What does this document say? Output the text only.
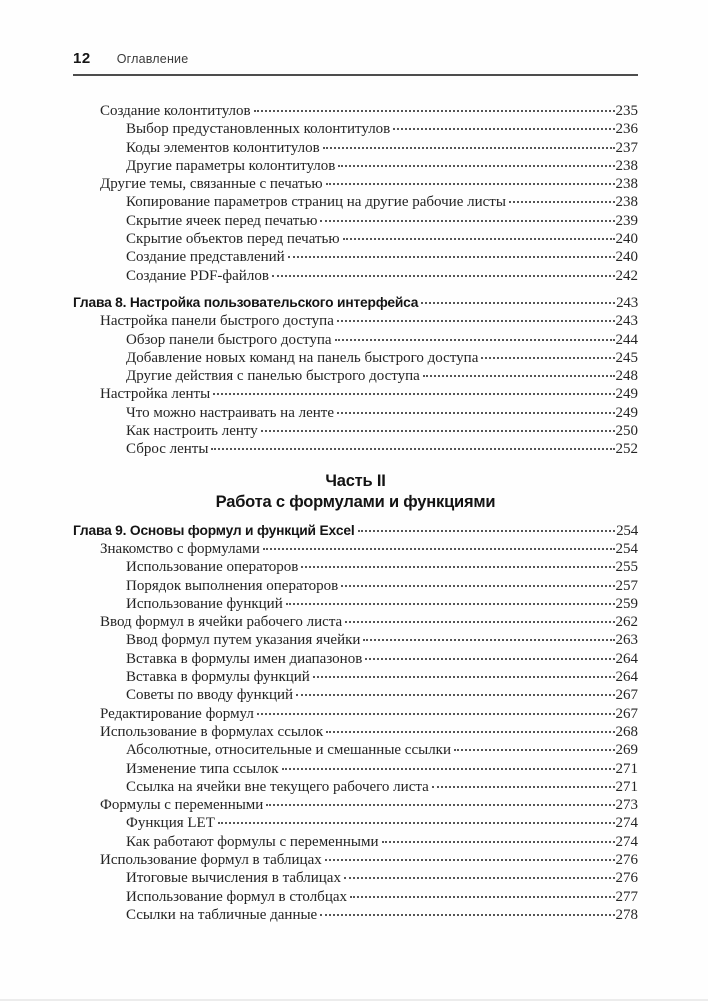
12 Оглавление
Создание колонтитулов	235
Выбор предустановленных колонтитулов	236
Коды элементов колонтитулов	237
Другие параметры колонтитулов	238
Другие темы, связанные с печатью	238
Копирование параметров страниц на другие рабочие листы	238
Скрытие ячеек перед печатью	239
Скрытие объектов перед печатью	240
Создание представлений	240
Создание PDF-файлов	242
Глава 8. Настройка пользовательского интерфейса	243
Настройка панели быстрого доступа	243
Обзор панели быстрого доступа	244
Добавление новых команд на панель быстрого доступа	245
Другие действия с панелью быстрого доступа	248
Настройка ленты	249
Что можно настраивать на ленте	249
Как настроить ленту	250
Сброс ленты	252
Часть II
Работа с формулами и функциями
Глава 9. Основы формул и функций Excel	254
Знакомство с формулами	254
Использование операторов	255
Порядок выполнения операторов	257
Использование функций	259
Ввод формул в ячейки рабочего листа	262
Ввод формул путем указания ячейки	263
Вставка в формулы имен диапазонов	264
Вставка в формулы функций	264
Советы по вводу функций	267
Редактирование формул	267
Использование в формулах ссылок	268
Абсолютные, относительные и смешанные ссылки	269
Изменение типа ссылок	271
Ссылка на ячейки вне текущего рабочего листа	271
Формулы с переменными	273
Функция LET	274
Как работают формулы с переменными	274
Использование формул в таблицах	276
Итоговые вычисления в таблицах	276
Использование формул в столбцах	277
Ссылки на табличные данные	278
